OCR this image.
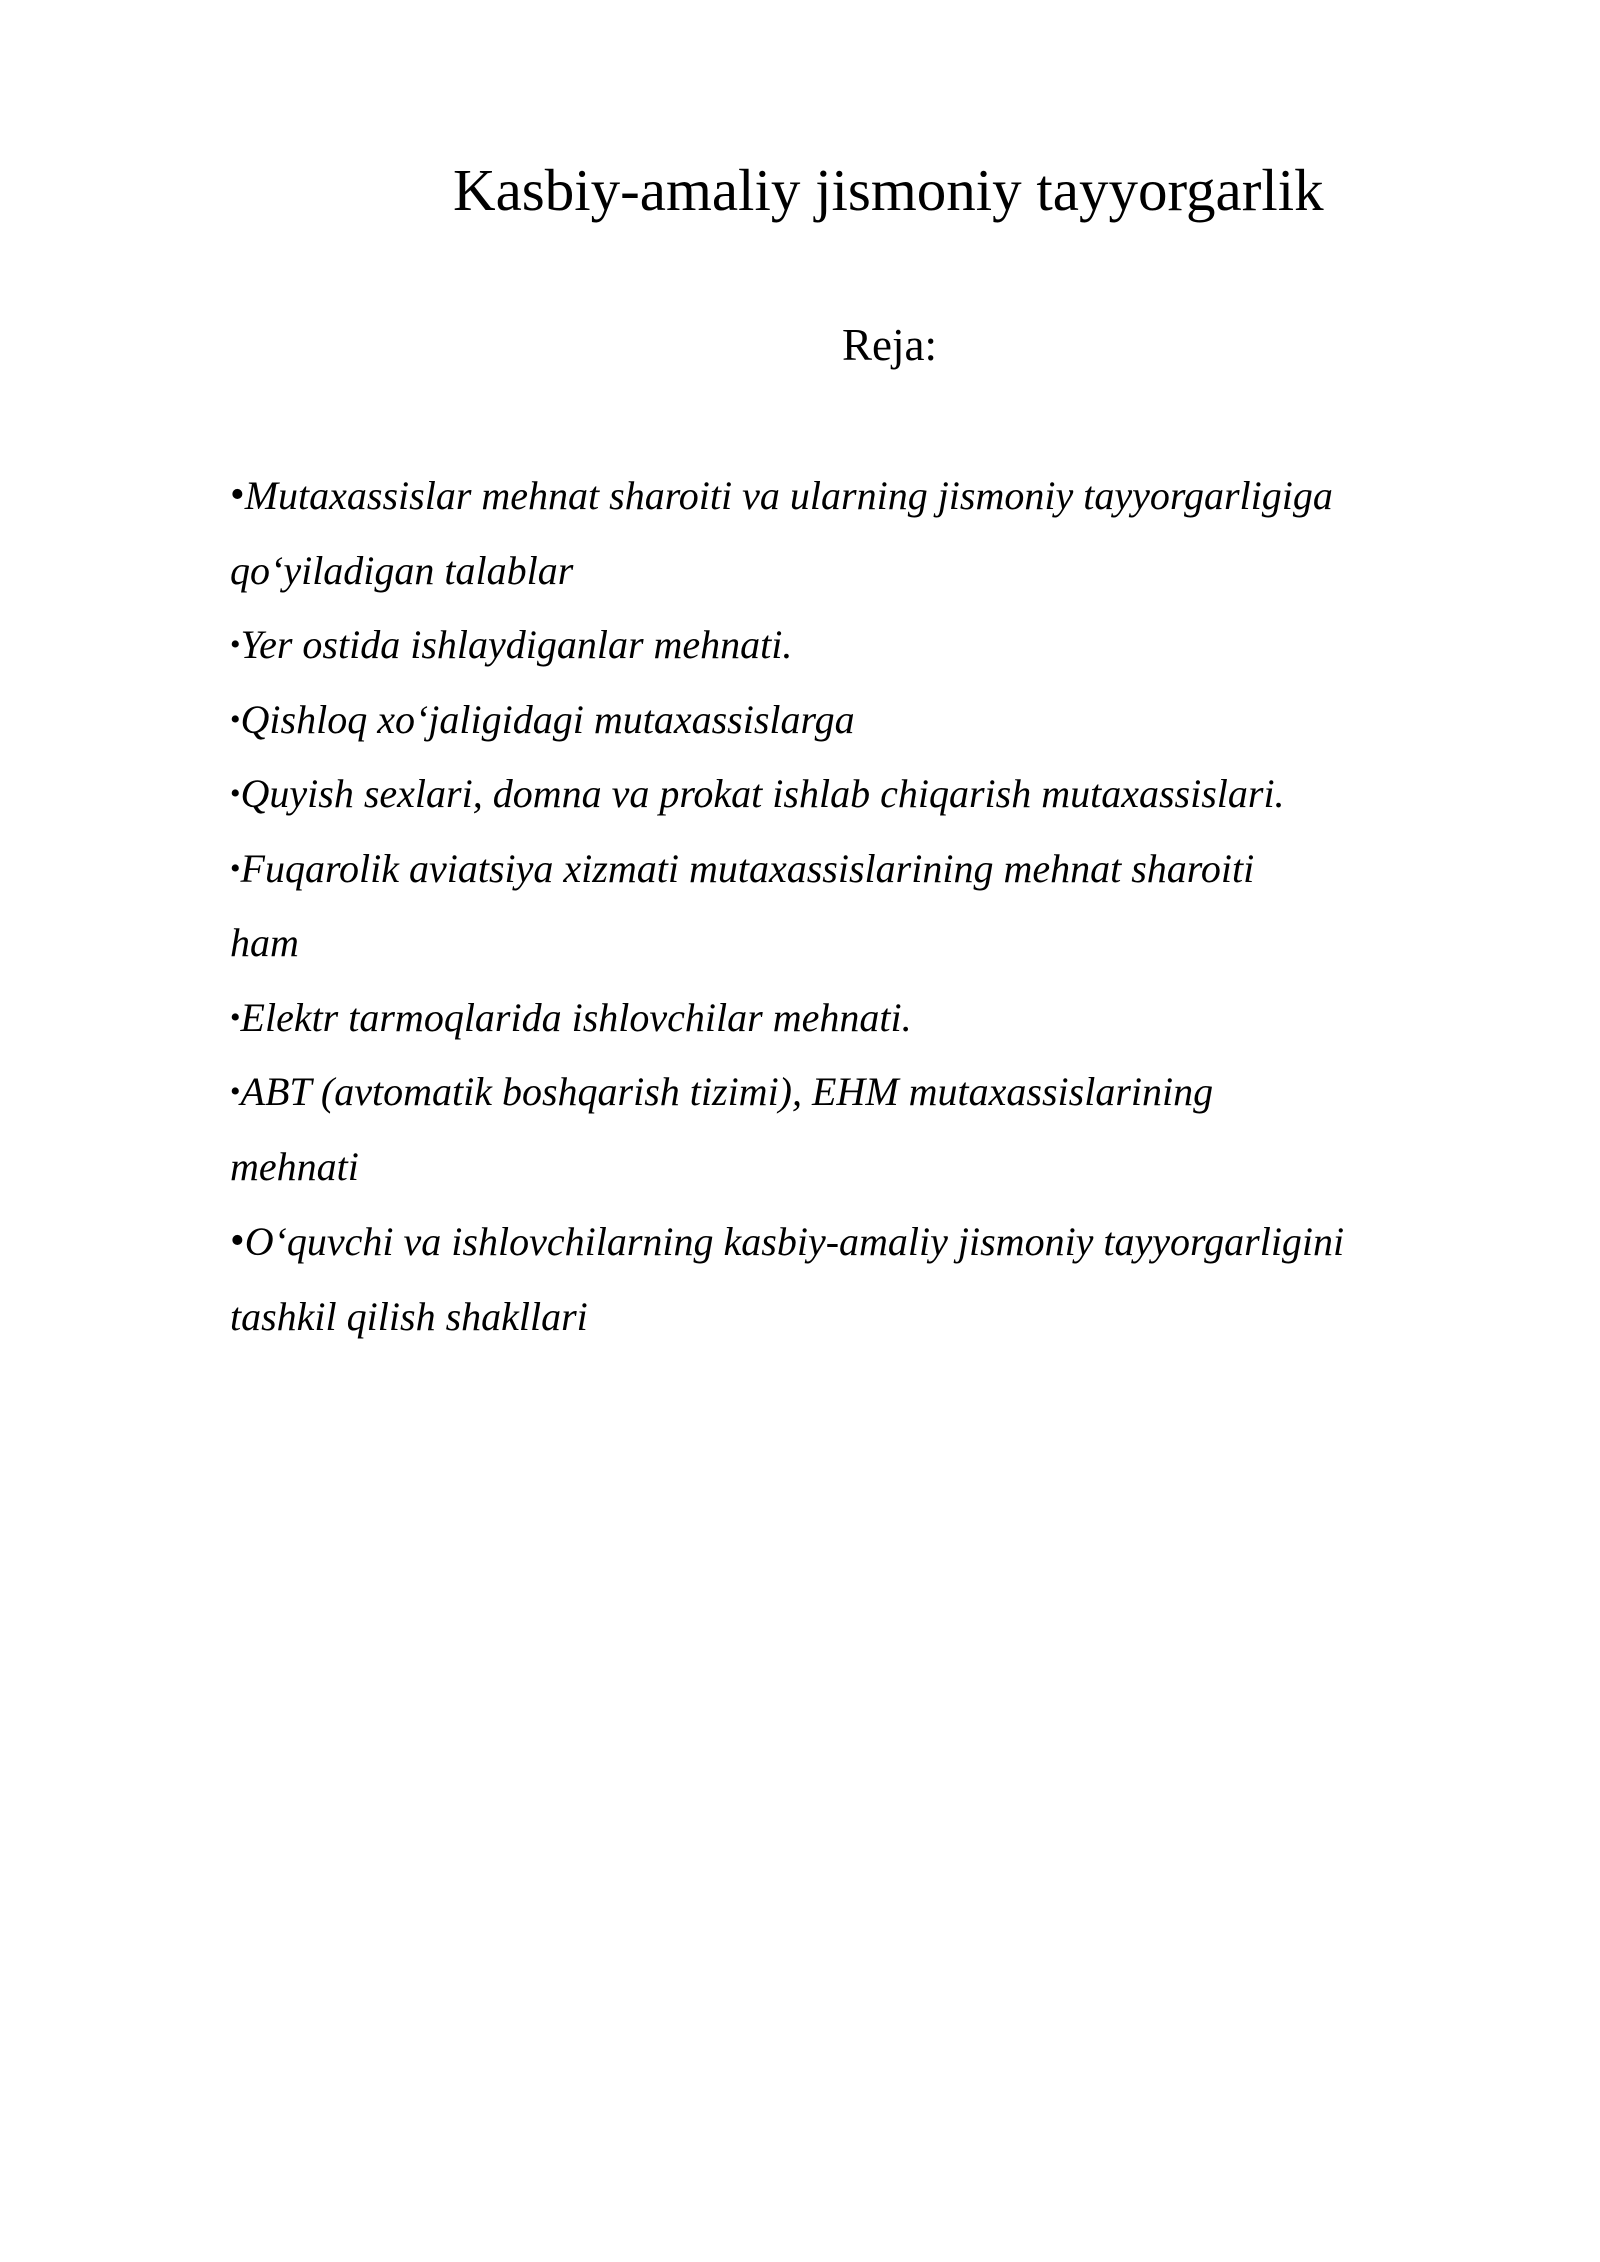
Kasbiy-amaliy jismoniy tayyorgarlik
Reja:
•Mutaxassislar mehnat sharoiti va ularning jismoniy tayyorgarligiga
qo‘yiladigan talablar
•Yer ostida ishlaydiganlar mehnati.
•Qishloq xo‘jaligidagi mutaxassislarga
•Quyish sexlari, domna va prokat ishlab chiqarish mutaxassislari.
•Fuqarolik aviatsiya xizmati mutaxassislarining mehnat sharoiti
ham
•Elektr tarmoqlarida ishlovchilar mehnati.
•ABT (avtomatik boshqarish tizimi), EHM mutaxassislarining
mehnati
•O‘quvchi va ishlovchilarning kasbiy-amaliy jismoniy tayyorgarligini
tashkil qilish shakllari
